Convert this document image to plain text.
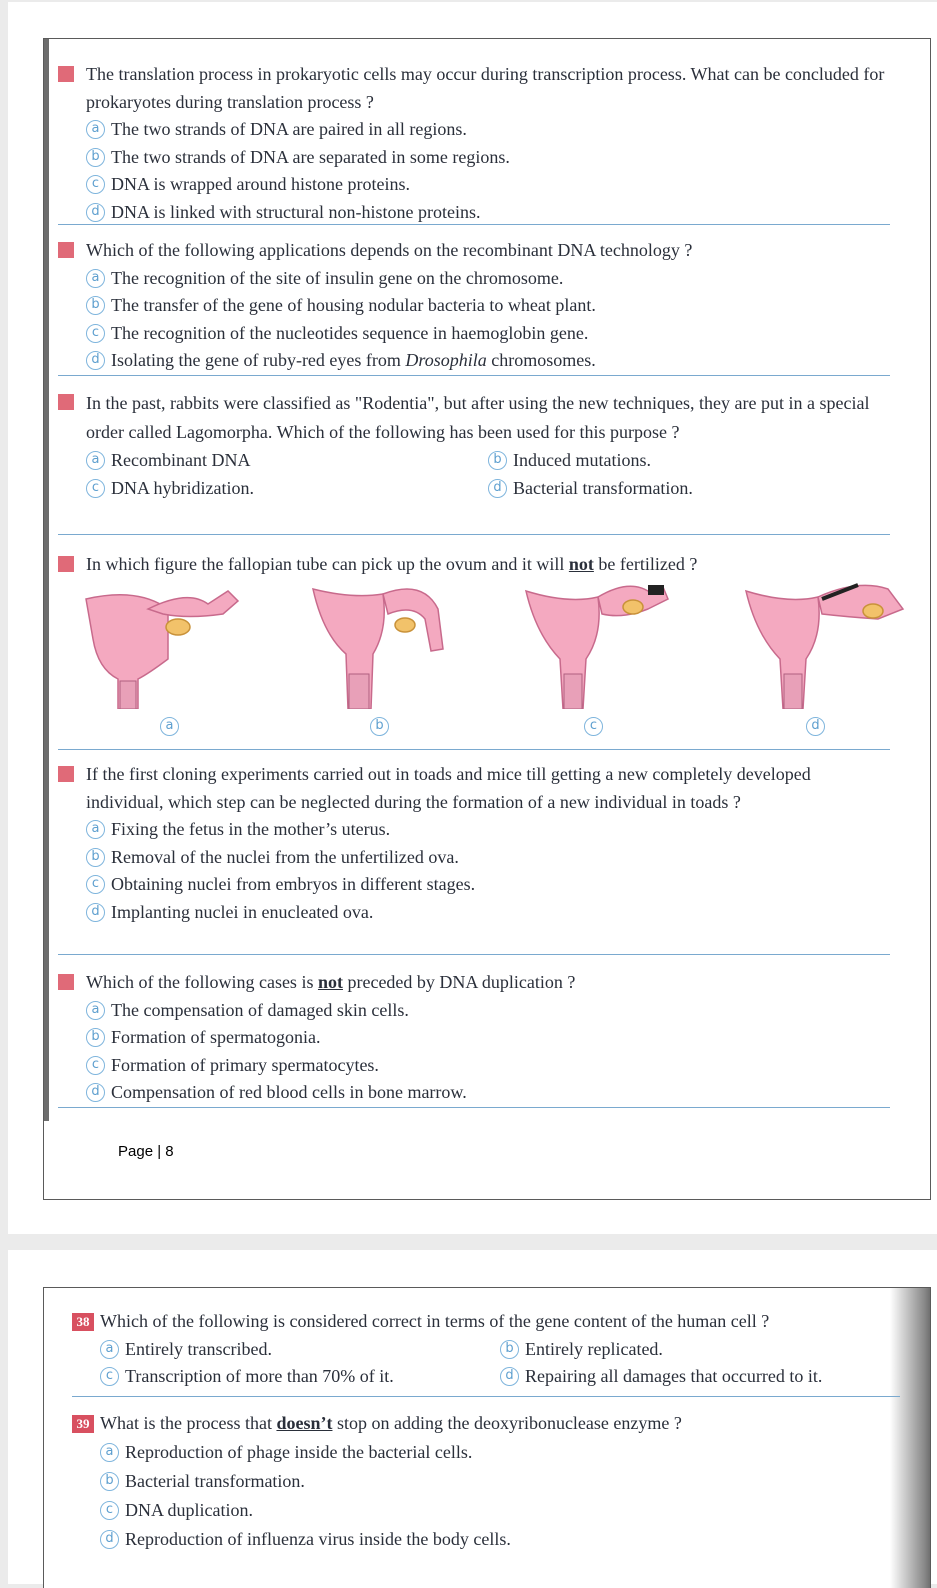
The translation process in prokaryotic cells may occur during transcription process. What can be concluded for prokaryotes during translation process ?
a The two strands of DNA are paired in all regions.
b The two strands of DNA are separated in some regions.
c DNA is wrapped around histone proteins.
d DNA is linked with structural non-histone proteins.
Which of the following applications depends on the recombinant DNA technology ?
a The recognition of the site of insulin gene on the chromosome.
b The transfer of the gene of housing nodular bacteria to wheat plant.
c The recognition of the nucleotides sequence in haemoglobin gene.
d Isolating the gene of ruby-red eyes from Drosophila chromosomes.
In the past, rabbits were classified as "Rodentia", but after using the new techniques, they are put in a special order called Lagomorpha. Which of the following has been used for this purpose ?
a Recombinant DNA	b Induced mutations.
c DNA hybridization.	d Bacterial transformation.
In which figure the fallopian tube can pick up the ovum and it will not be fertilized ?
a	b	c	d
If the first cloning experiments carried out in toads and mice till getting a new completely developed individual, which step can be neglected during the formation of a new individual in toads ?
a Fixing the fetus in the mother’s uterus.
b Removal of the nuclei from the unfertilized ova.
c Obtaining nuclei from embryos in different stages.
d Implanting nuclei in enucleated ova.
Which of the following cases is not preceded by DNA duplication ?
a The compensation of damaged skin cells.
b Formation of spermatogonia.
c Formation of primary spermatocytes.
d Compensation of red blood cells in bone marrow.
Page | 8
38 Which of the following is considered correct in terms of the gene content of the human cell ?
a Entirely transcribed.	b Entirely replicated.
c Transcription of more than 70% of it.	d Repairing all damages that occurred to it.
39 What is the process that doesn’t stop on adding the deoxyribonuclease enzyme ?
a Reproduction of phage inside the bacterial cells.
b Bacterial transformation.
c DNA duplication.
d Reproduction of influenza virus inside the body cells.
